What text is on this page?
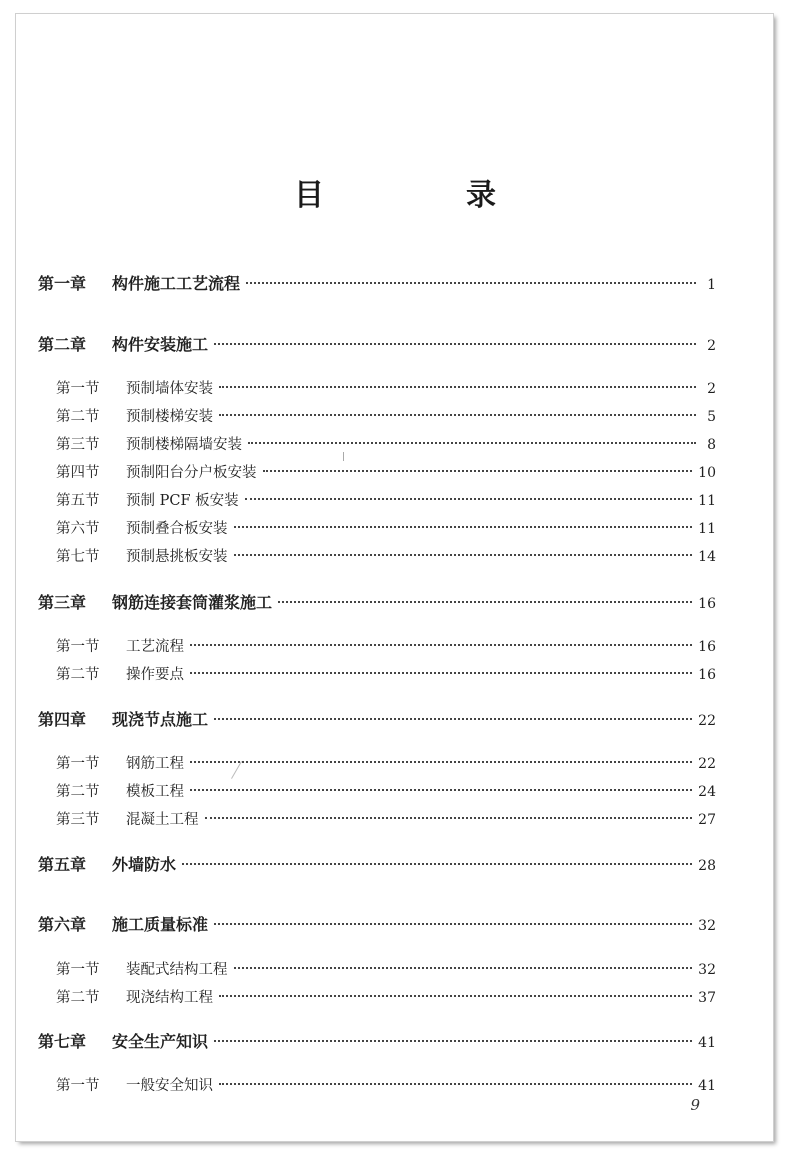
目　录
第一章	构件施工工艺流程	1
第二章	构件安装施工	2
第一节	预制墙体安装	2
第二节	预制楼梯安装	5
第三节	预制楼梯隔墙安装	8
第四节	预制阳台分户板安装	10
第五节	预制 PCF 板安装	11
第六节	预制叠合板安装	11
第七节	预制悬挑板安装	14
第三章	钢筋连接套筒灌浆施工	16
第一节	工艺流程	16
第二节	操作要点	16
第四章	现浇节点施工	22
第一节	钢筋工程	22
第二节	模板工程	24
第三节	混凝土工程	27
第五章	外墙防水	28
第六章	施工质量标准	32
第一节	装配式结构工程	32
第二节	现浇结构工程	37
第七章	安全生产知识	41
第一节	一般安全知识	41
9
